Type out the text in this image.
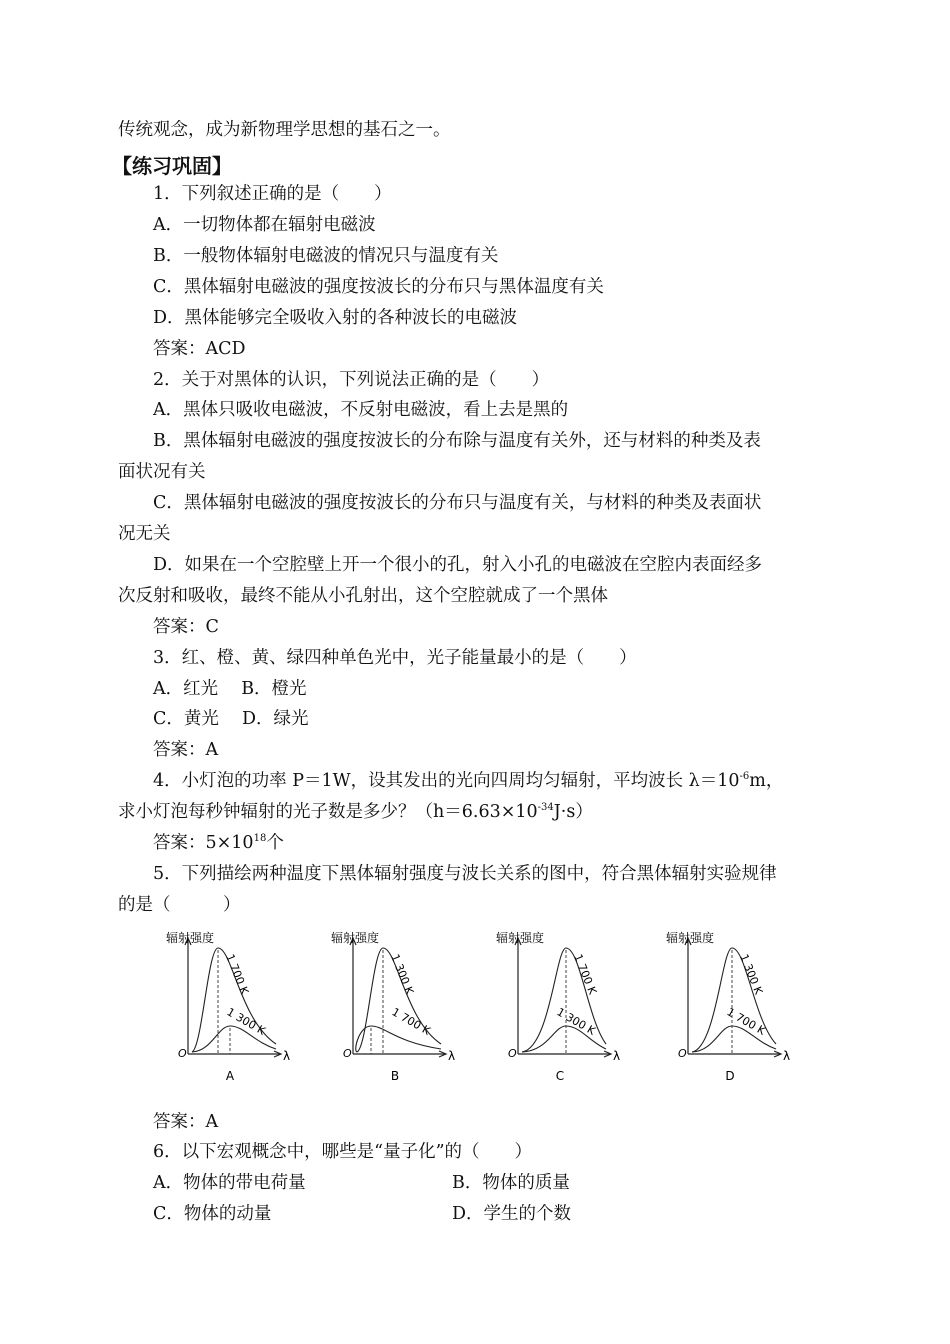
传统观念，成为新物理学思想的基石之一。
【练习巩固】
1．下列叙述正确的是（　　）
A．一切物体都在辐射电磁波
B．一般物体辐射电磁波的情况只与温度有关
C．黑体辐射电磁波的强度按波长的分布只与黑体温度有关
D．黑体能够完全吸收入射的各种波长的电磁波
答案：ACD
2．关于对黑体的认识，下列说法正确的是（　　）
A．黑体只吸收电磁波，不反射电磁波，看上去是黑的
B．黑体辐射电磁波的强度按波长的分布除与温度有关外，还与材料的种类及表
面状况有关
C．黑体辐射电磁波的强度按波长的分布只与温度有关，与材料的种类及表面状
况无关
D．如果在一个空腔壁上开一个很小的孔，射入小孔的电磁波在空腔内表面经多
次反射和吸收，最终不能从小孔射出，这个空腔就成了一个黑体
答案：C
3．红、橙、黄、绿四种单色光中，光子能量最小的是（　　）
A．红光　 B．橙光
C．黄光　 D．绿光
答案：A
4．小灯泡的功率 P＝1W，设其发出的光向四周均匀辐射，平均波长 $\lambda=10^{-6}m$，
求小灯泡每秒钟辐射的光子数是多少？$(h=6.63\times 10^{-34}J\cdot s)$
答案：$5\times 10^{18}$个
5．下列描绘两种温度下黑体辐射强度与波长关系的图中，符合黑体辐射实验规律
的是（　　　）
辐射强度
O	λ
1 700 K
1 300 K
A
辐射强度
O	λ
1 300 K
1 700 K
B
辐射强度
O	λ
1 700 K
1 300 K
C
辐射强度
O	λ
1 300 K
1 700 K
D
答案：A
6．以下宏观概念中，哪些是“量子化”的（　　）
A．物体的带电荷量	B．物体的质量
C．物体的动量	D．学生的个数
